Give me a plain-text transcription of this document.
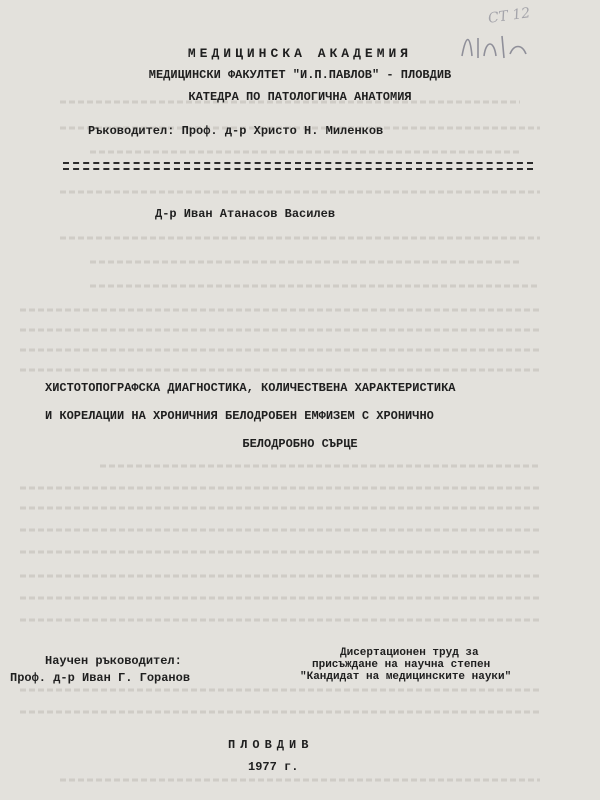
СТ 12
МЕДИЦИНСКА АКАДЕМИЯ
МЕДИЦИНСКИ ФАКУЛТЕТ "И.П.ПАВЛОВ" - ПЛОВДИВ
КАТЕДРА ПО ПАТОЛОГИЧНА АНАТОМИЯ
Ръководител: Проф. д-р Христо Н. Миленков
Д-р Иван Атанасов Василев
ХИСТОТОПОГРАФСКА ДИАГНОСТИКА, КОЛИЧЕСТВЕНА ХАРАКТЕРИСТИКА
И КОРЕЛАЦИИ НА ХРОНИЧНИЯ БЕЛОДРОБЕН ЕМФИЗЕМ С ХРОНИЧНО
БЕЛОДРОБНО СЪРЦЕ
Научен ръководител:
Проф. д-р Иван Г. Горанов
Дисертационен труд за
присъждане на научна степен
"Кандидат на медицинските науки"
ПЛОВДИВ
1977 г.
